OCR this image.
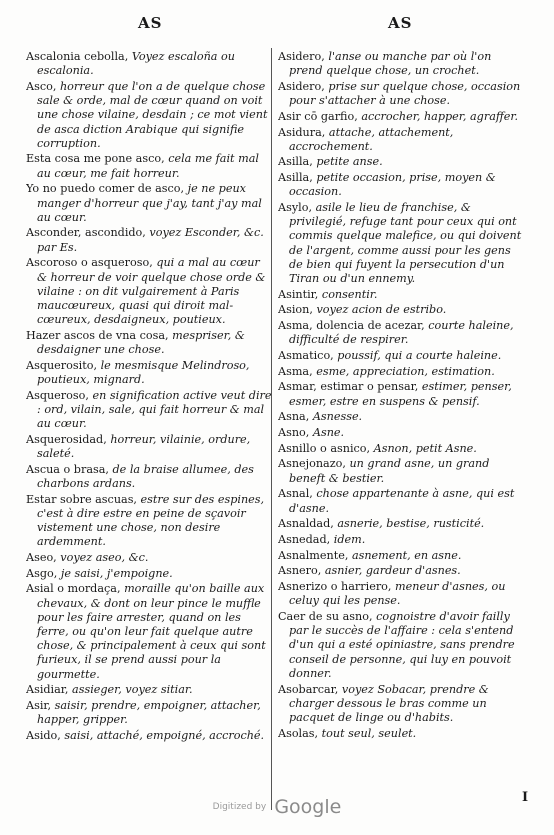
AS	AS

Ascalonia cebolla, Voyez escaloña ou escalonia.

Asco, horreur que l'on a de quelque chose sale & orde, mal de cœur quand on voit une chose vilaine, desdain ; ce mot vient de asca diction Arabique qui signifie corruption.

Esta cosa me pone asco, cela me fait mal au cœur, me fait horreur.

Yo no puedo comer de asco, je ne peux manger d'horreur que j'ay, tant j'ay mal au cœur.

Asconder, ascondido, voyez Esconder, &c. par Es.

Ascoroso o asqueroso, qui a mal au cœur & horreur de voir quelque chose orde & vilaine : on dit vulgairement à Paris maucœureux, quasi qui diroit mal-cœureux, desdaigneux, poutieux.

Hazer ascos de vna cosa, mespriser, & desdaigner une chose.

Asquerosito, le mesmisque Melindroso, poutieux, mignard.

Asqueroso, en signification active veut dire : ord, vilain, sale, qui fait horreur & mal au cœur.

Asquerosidad, horreur, vilainie, ordure, saleté.

Ascua o brasa, de la braise allumee, des charbons ardans.

Estar sobre ascuas, estre sur des espines, c'est à dire estre en peine de sçavoir vistement une chose, non desire ardemment.

Aseo, voyez aseo, &c.

Asgo, je saisi, j'empoigne.

Asial o mordaça, moraille qu'on baille aux chevaux, & dont on leur pince le muffle pour les faire arrester, quand on les ferre, ou qu'on leur fait quelque autre chose, & principalement à ceux qui sont furieux, il se prend aussi pour la gourmette.

Asidiar, assieger, voyez sitiar.

Asir, saisir, prendre, empoigner, attacher, happer, gripper.

Asido, saisi, attaché, empoigné, accroché.

Asidero, l'anse ou manche par où l'on prend quelque chose, un crochet.

Asidero, prise sur quelque chose, occasion pour s'attacher à une chose.

Asir cō garfio, accrocher, happer, agraffer.

Asidura, attache, attachement, accrochement.

Asilla, petite anse.

Asilla, petite occasion, prise, moyen & occasion.

Asylo, asile le lieu de franchise, & privilegié, refuge tant pour ceux qui ont commis quelque malefice, ou qui doivent de l'argent, comme aussi pour les gens de bien qui fuyent la persecution d'un Tiran ou d'un ennemy.

Asintir, consentir.

Asion, voyez acion de estribo.

Asma, dolencia de acezar, courte haleine, difficulté de respirer.

Asmatico, poussif, qui a courte haleine.

Asma, esme, appreciation, estimation.

Asmar, estimar o pensar, estimer, penser, esmer, estre en suspens & pensif.

Asna, Asnesse.

Asno, Asne.

Asnillo o asnico, Asnon, petit Asne.

Asnejonazo, un grand asne, un grand beneft & bestier.

Asnal, chose appartenante à asne, qui est d'asne.

Asnaldad, asnerie, bestise, rusticité.

Asnedad, idem.

Asnalmente, asnement, en asne.

Asnero, asnier, gardeur d'asnes.

Asnerizo o harriero, meneur d'asnes, ou celuy qui les pense.

Caer de su asno, cognoistre d'avoir failly par le succès de l'affaire : cela s'entend d'un qui a esté opiniastre, sans prendre conseil de personne, qui luy en pouvoit donner.

Asobarcar, voyez Sobacar, prendre & charger dessous le bras comme un pacquet de linge ou d'habits.

Asolas, tout seul, seulet.

I
Digitized by Google
